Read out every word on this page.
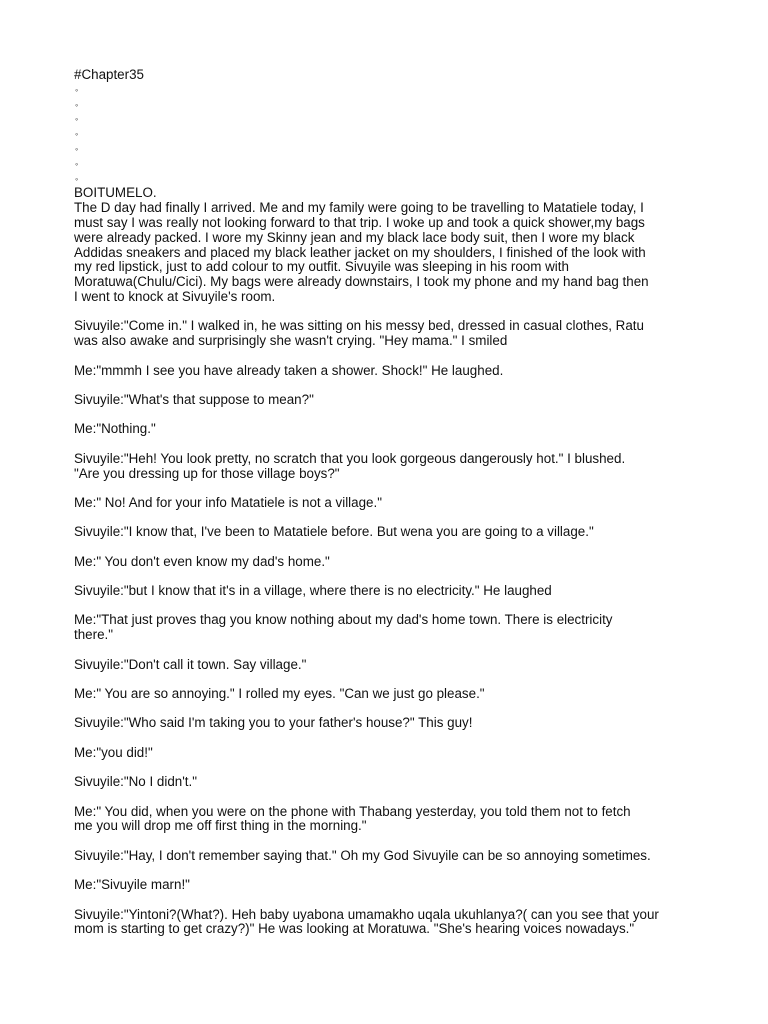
#Chapter35

◦
◦
◦
◦
◦
◦
◦

BOITUMELO.

The D day had finally I arrived. Me and my family were going to be travelling to Matatiele today, I
must say I was really not looking forward to that trip. I woke up and took a quick shower,my bags
were already packed. I wore my Skinny jean and my black lace body suit, then I wore my black
Addidas sneakers and placed my black leather jacket on my shoulders, I finished of the look with
my red lipstick, just to add colour to my outfit. Sivuyile was sleeping in his room with
Moratuwa(Chulu/Cici). My bags were already downstairs, I took my phone and my hand bag then
I went to knock at Sivuyile's room.

Sivuyile:"Come in." I walked in, he was sitting on his messy bed, dressed in casual clothes, Ratu
was also awake and surprisingly she wasn't crying. "Hey mama." I smiled

Me:"mmmh I see you have already taken a shower. Shock!" He laughed.

Sivuyile:"What's that suppose to mean?"

Me:"Nothing."

Sivuyile:"Heh! You look pretty, no scratch that you look gorgeous dangerously hot." I blushed.
"Are you dressing up for those village boys?"

Me:" No! And for your info Matatiele is not a village."

Sivuyile:"I know that, I've been to Matatiele before. But wena you are going to a village."

Me:" You don't even know my dad's home."

Sivuyile:"but I know that it's in a village, where there is no electricity." He laughed

Me:"That just proves thag you know nothing about my dad's home town. There is electricity
there."

Sivuyile:"Don't call it town. Say village."

Me:" You are so annoying." I rolled my eyes. "Can we just go please."

Sivuyile:"Who said I'm taking you to your father's house?" This guy!

Me:"you did!"

Sivuyile:"No I didn't."

Me:" You did, when you were on the phone with Thabang yesterday, you told them not to fetch
me you will drop me off first thing in the morning."

Sivuyile:"Hay, I don't remember saying that." Oh my God Sivuyile can be so annoying sometimes.

Me:"Sivuyile marn!"

Sivuyile:"Yintoni?(What?). Heh baby uyabona umamakho uqala ukuhlanya?( can you see that your
mom is starting to get crazy?)" He was looking at Moratuwa. "She's hearing voices nowadays."
